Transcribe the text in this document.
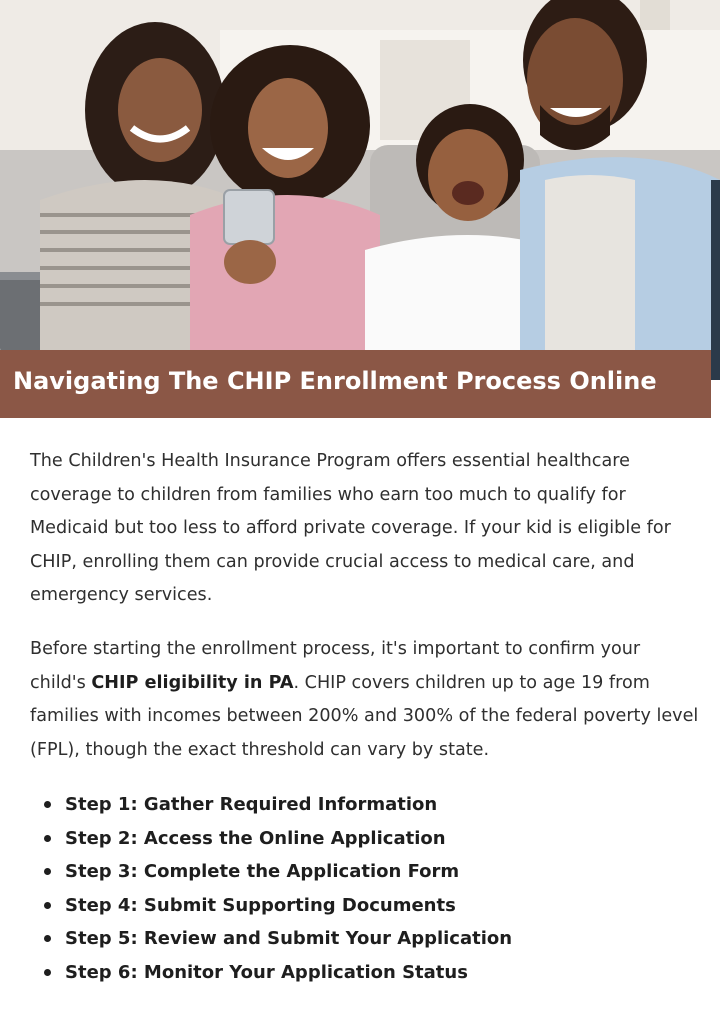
Navigating The CHIP Enrollment Process Online

The Children's Health Insurance Program offers essential healthcare coverage to children from families who earn too much to qualify for Medicaid but too less to afford private coverage. If your kid is eligible for CHIP, enrolling them can provide crucial access to medical care, and emergency services.

Before starting the enrollment process, it's important to confirm your child's CHIP eligibility in PA. CHIP covers children up to age 19 from families with incomes between 200% and 300% of the federal poverty level (FPL), though the exact threshold can vary by state.

Step 1: Gather Required Information
Step 2: Access the Online Application
Step 3: Complete the Application Form
Step 4: Submit Supporting Documents
Step 5: Review and Submit Your Application
Step 6: Monitor Your Application Status
